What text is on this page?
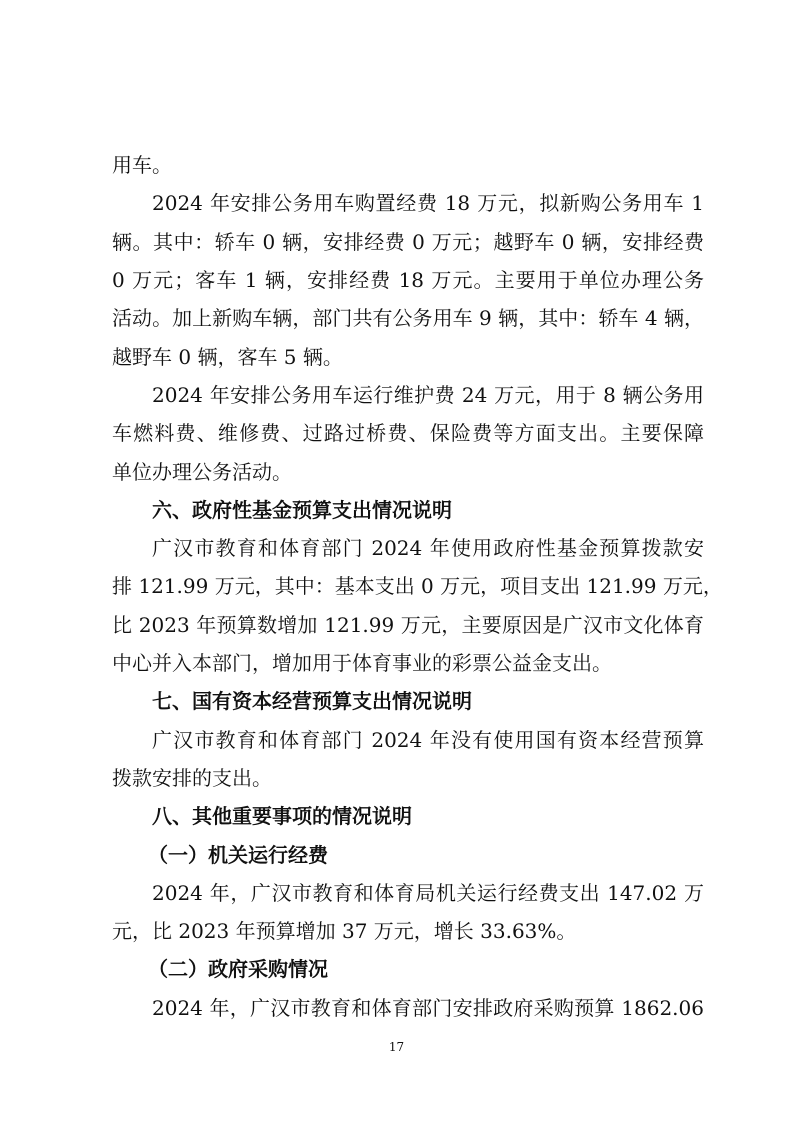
用车。
2024 年安排公务用车购置经费 18 万元，拟新购公务用车 1
辆。其中：轿车 0 辆，安排经费 0 万元；越野车 0 辆，安排经费
0 万元；客车 1 辆，安排经费 18 万元。主要用于单位办理公务
活动。加上新购车辆，部门共有公务用车 9 辆，其中：轿车 4 辆，
越野车 0 辆，客车 5 辆。
2024 年安排公务用车运行维护费 24 万元，用于 8 辆公务用
车燃料费、维修费、过路过桥费、保险费等方面支出。主要保障
单位办理公务活动。
六、政府性基金预算支出情况说明
广汉市教育和体育部门 2024 年使用政府性基金预算拨款安
排 121.99 万元，其中：基本支出 0 万元，项目支出 121.99 万元，
比 2023 年预算数增加 121.99 万元，主要原因是广汉市文化体育
中心并入本部门，增加用于体育事业的彩票公益金支出。
七、国有资本经营预算支出情况说明
广汉市教育和体育部门 2024 年没有使用国有资本经营预算
拨款安排的支出。
八、其他重要事项的情况说明
（一）机关运行经费
2024 年，广汉市教育和体育局机关运行经费支出 147.02 万
元，比 2023 年预算增加 37 万元，增长 33.63%。
（二）政府采购情况
2024 年，广汉市教育和体育部门安排政府采购预算 1862.06
17
